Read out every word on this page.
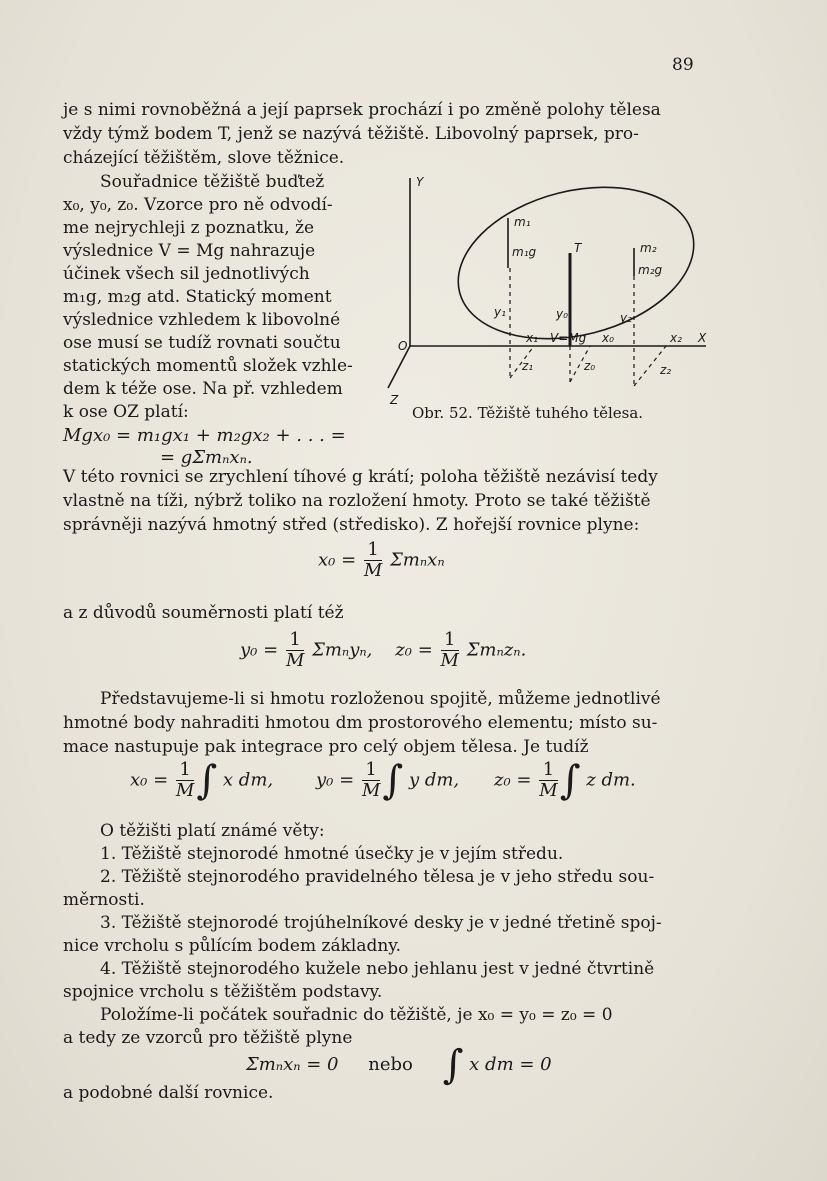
89
je s nimi rovnoběžná a její paprsek prochází i po změně polohy tělesa
vždy týmž bodem T, jenž se nazývá těžiště. Libovolný paprsek, pro-
cházející těžištěm, slove těžnice.
Souřadnice těžiště buďtež
x₀, y₀, z₀. Vzorce pro ně odvodí-
me nejrychleji z poznatku, že
výslednice V = Mg nahrazuje
účinek všech sil jednotlivých
m₁g, m₂g atd. Statický moment
výslednice vzhledem k libovolné
ose musí se tudíž rovnati součtu
statických momentů složek vzhle-
dem k téže ose. Na př. vzhledem
k ose OZ platí:
Mgx₀ = m₁gx₁ + m₂gx₂ + . . . =
= gΣmₙxₙ.
Y
O
X
Z
m₁
m₁g	T	m₂
m₂g
y₁	y₀	y₂
x₁ V=Mg x₀	x₂
z₁	z₀	z₂
Obr. 52. Těžiště tuhého tělesa.
V této rovnici se zrychlení tíhové g krátí; poloha těžiště nezávisí tedy
vlastně na tíži, nýbrž toliko na rozložení hmoty. Proto se také těžiště
správněji nazývá hmotný střed (středisko). Z hořejší rovnice plyne:
$x_0 = \frac{1}{M}$ Σmₙxₙ
a z důvodů souměrnosti platí též
$y_0 = \frac{1}{M} \Sigma m_ny_n$, $z_0 = \frac{1}{M} \Sigma m_nz_n$.
Představujeme-li si hmotu rozloženou spojitě, můžeme jednotlivé
hmotné body nahraditi hmotou dm prostorového elementu; místo su-
mace nastupuje pak integrace pro celý objem tělesa. Je tudíž
$x_0 = \frac{1}{M}$ ∫ x dm, $y_0 = \frac{1}{M}$ ∫ y dm, $z_0 = \frac{1}{M}$ ∫ z dm.
O těžišti platí známé věty:
1. Těžiště stejnorodé hmotné úsečky je v jejím středu.
2. Těžiště stejnorodého pravidelného tělesa je v jeho středu sou-
měrnosti.
3. Těžiště stejnorodé trojúhelníkové desky je v jedné třetině spoj-
nice vrcholu s půlícím bodem základny.
4. Těžiště stejnorodého kužele nebo jehlanu jest v jedné čtvrtině
spojnice vrcholu s těžištěm podstavy.
Položíme-li počátek souřadnic do těžiště, je x₀ = y₀ = z₀ = 0
a tedy ze vzorců pro těžiště plyne
Σmₙxₙ = 0 nebo ∫ x dm = 0
a podobné další rovnice.
